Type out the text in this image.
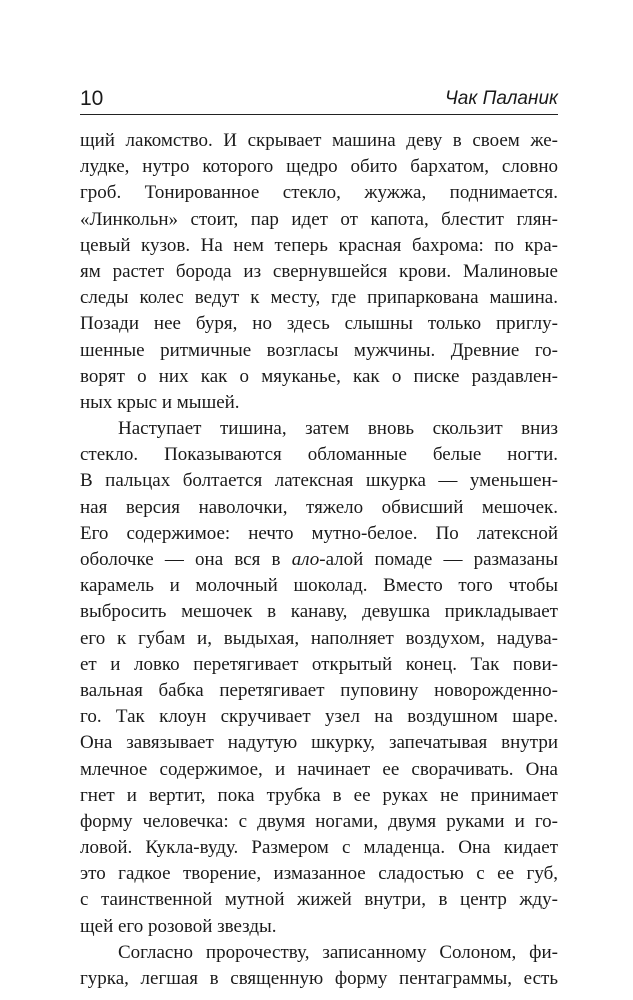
10	Чак Паланик

щий лакомство. И скрывает машина деву в своем же-
лудке, нутро которого щедро обито бархатом, словно
гроб. Тонированное стекло, жужжа, поднимается.
«Линкольн» стоит, пар идет от капота, блестит глян-
цевый кузов. На нем теперь красная бахрома: по кра-
ям растет борода из свернувшейся крови. Малиновые
следы колес ведут к месту, где припаркована машина.
Позади нее буря, но здесь слышны только приглу-
шенные ритмичные возгласы мужчины. Древние го-
ворят о них как о мяуканье, как о писке раздавлен-
ных крыс и мышей.

Наступает тишина, затем вновь скользит вниз
стекло. Показываются обломанные белые ногти.
В пальцах болтается латексная шкурка — уменьшен-
ная версия наволочки, тяжело обвисший мешочек.
Его содержимое: нечто мутно-белое. По латексной
оболочке — она вся в ало-алой помаде — размазаны
карамель и молочный шоколад. Вместо того чтобы
выбросить мешочек в канаву, девушка прикладывает
его к губам и, выдыхая, наполняет воздухом, надува-
ет и ловко перетягивает открытый конец. Так пови-
вальная бабка перетягивает пуповину новорожденно-
го. Так клоун скручивает узел на воздушном шаре.
Она завязывает надутую шкурку, запечатывая внутри
млечное содержимое, и начинает ее сворачивать. Она
гнет и вертит, пока трубка в ее руках не принимает
форму человечка: с двумя ногами, двумя руками и го-
ловой. Кукла-вуду. Размером с младенца. Она кидает
это гадкое творение, измазанное сладостью с ее губ,
с таинственной мутной жижей внутри, в центр жду-
щей его розовой звезды.

Согласно пророчеству, записанному Солоном, фи-
гурка, легшая в священную форму пентаграммы, есть
